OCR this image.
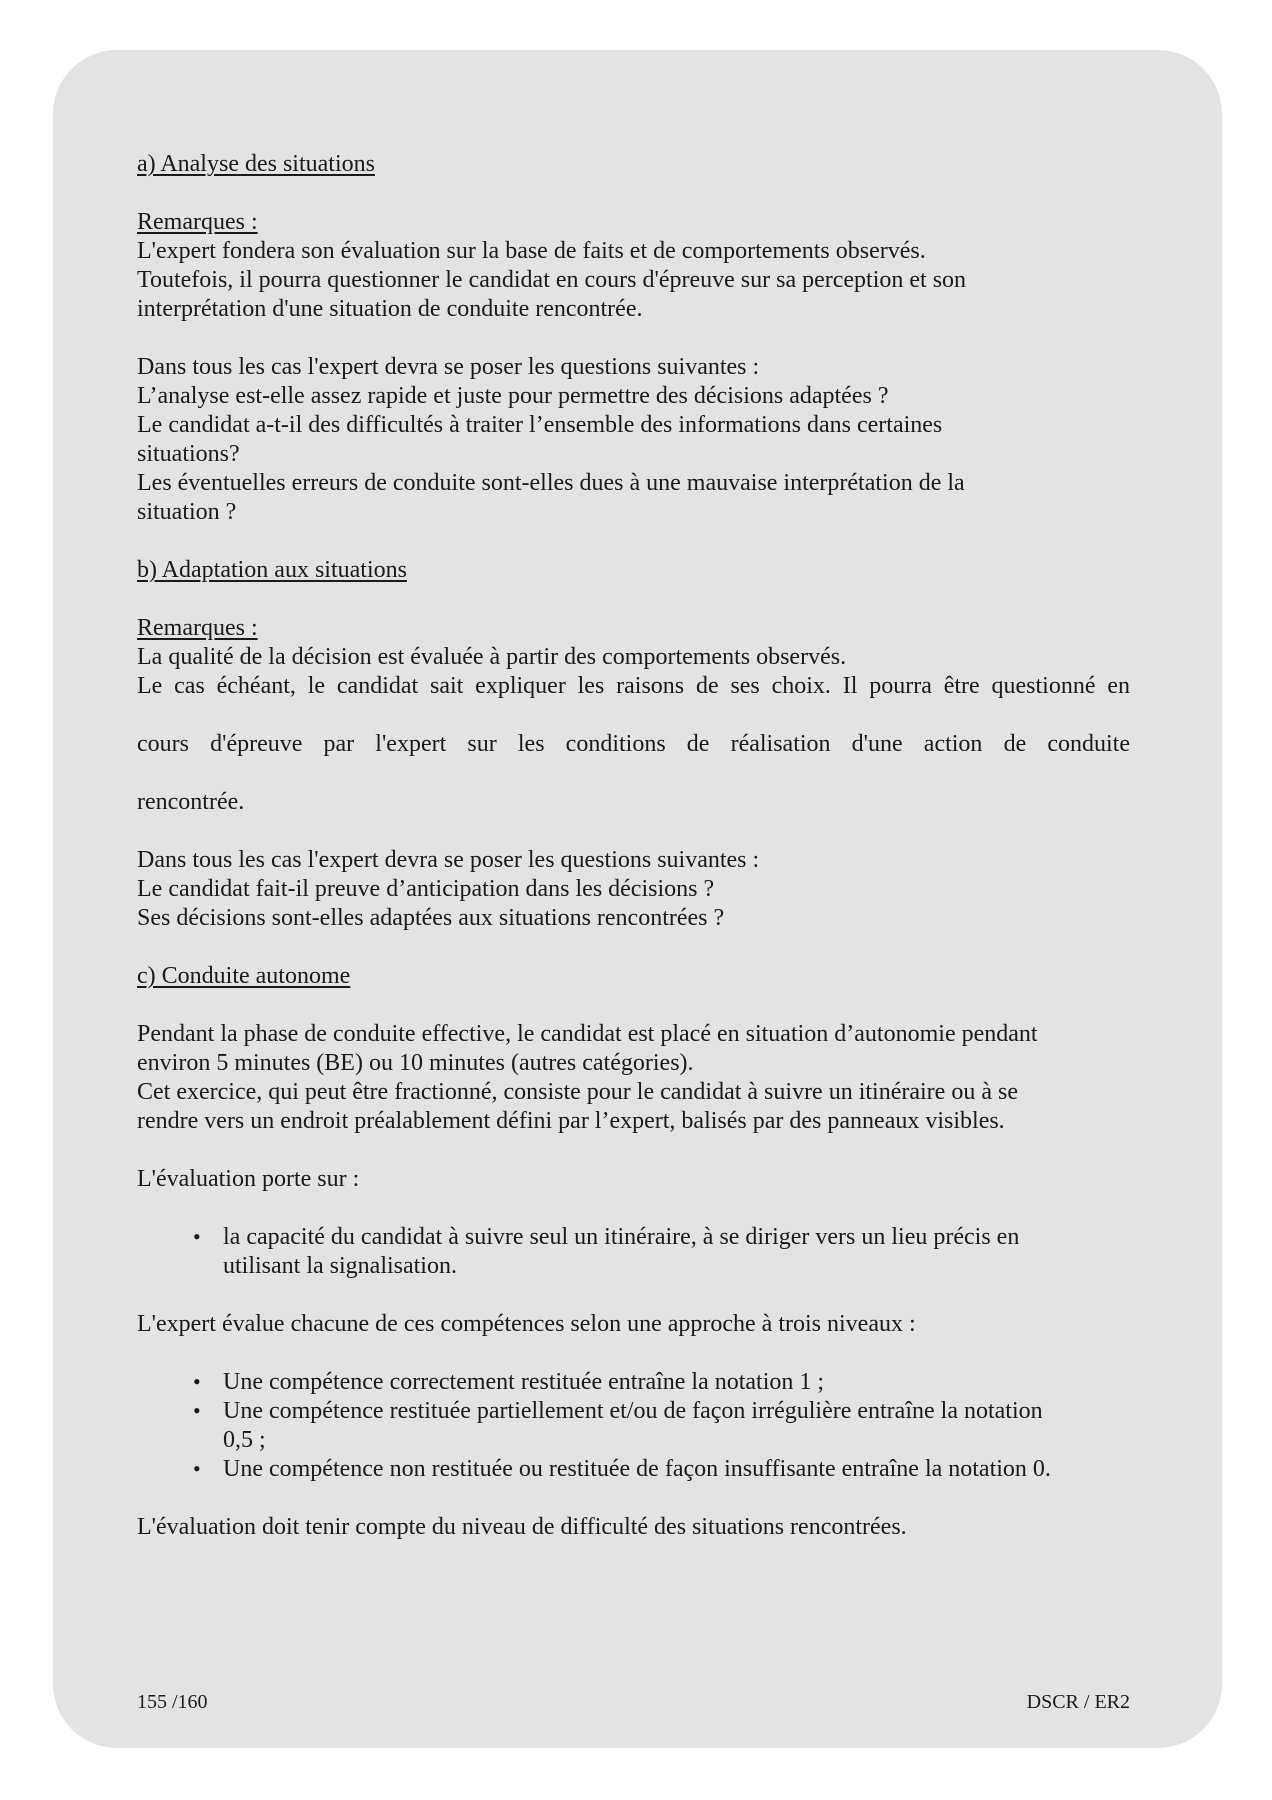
a) Analyse des situations
Remarques :
L'expert fondera son évaluation sur la base de faits et de comportements observés.
Toutefois, il pourra questionner le candidat en cours d'épreuve sur sa perception et son
interprétation d'une situation de conduite rencontrée.
Dans tous les cas l'expert devra se poser les questions suivantes :
L’analyse est-elle assez rapide et juste pour permettre des décisions adaptées ?
Le candidat a-t-il des difficultés à traiter l’ensemble des informations dans certaines
situations?
Les éventuelles erreurs de conduite sont-elles dues à une mauvaise interprétation de la
situation ?
b) Adaptation aux situations
Remarques :
La qualité de la décision est évaluée à partir des comportements observés.
Le cas échéant, le candidat sait expliquer les raisons de ses choix. Il pourra être questionné en
cours d'épreuve par l'expert sur les conditions de réalisation d'une action de conduite
rencontrée.
Dans tous les cas l'expert devra se poser les questions suivantes :
Le candidat fait-il preuve d’anticipation dans les décisions ?
Ses décisions sont-elles adaptées aux situations rencontrées ?
c) Conduite autonome
Pendant la phase de conduite effective, le candidat est placé en situation d’autonomie pendant
environ 5 minutes (BE) ou 10 minutes (autres catégories).
Cet exercice, qui peut être fractionné, consiste pour le candidat à suivre un itinéraire ou à se
rendre vers un endroit préalablement défini par l’expert, balisés par des panneaux visibles.
L'évaluation porte sur :
• la capacité du candidat à suivre seul un itinéraire, à se diriger vers un lieu précis en
utilisant la signalisation.
L'expert évalue chacune de ces compétences selon une approche à trois niveaux :
• Une compétence correctement restituée entraîne la notation 1 ;
• Une compétence restituée partiellement et/ou de façon irrégulière entraîne la notation
0,5 ;
• Une compétence non restituée ou restituée de façon insuffisante entraîne la notation 0.
L'évaluation doit tenir compte du niveau de difficulté des situations rencontrées.
155 /160	DSCR / ER2
